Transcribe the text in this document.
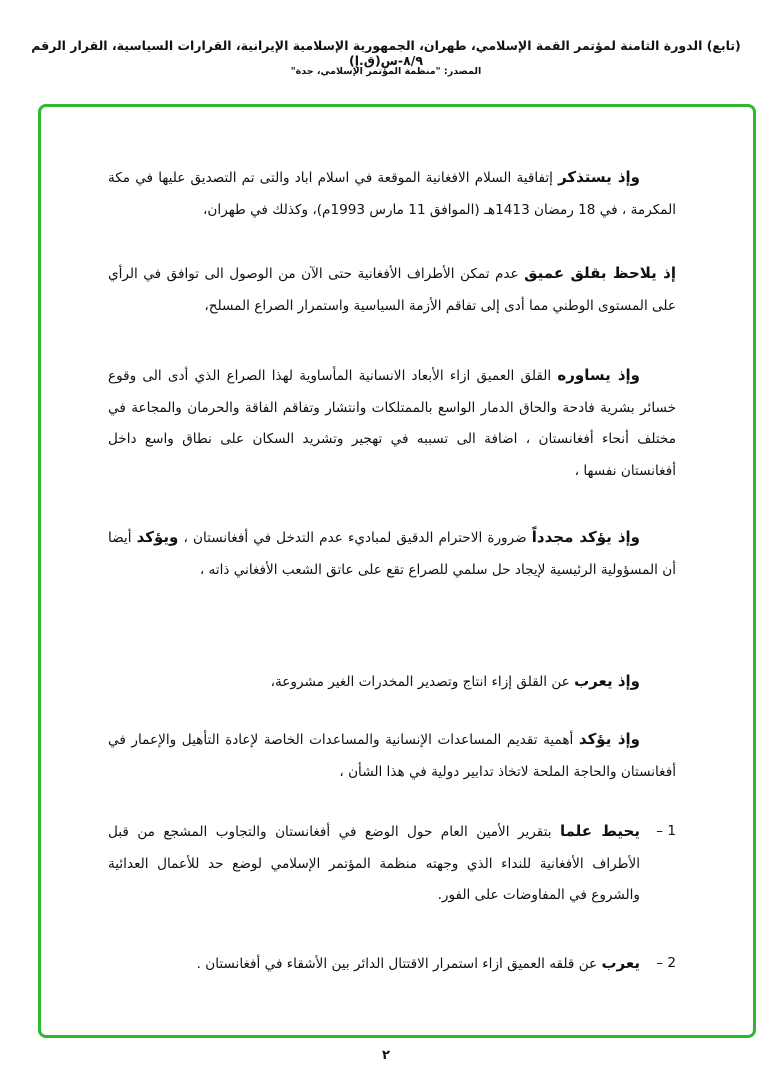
(تابع) الدورة الثامنة لمؤتمر القمة الإسلامي، طهران، الجمهورية الإسلامية الإيرانية، القرارات السياسية، القرار الرقم ٨/٩-س(ق.إ)
المصدر: "منظمة المؤتمر الإسلامي، جدة"

وإذ يستذكر إتفاقية السلام الافغانية الموقعة في اسلام اباد والتى تم التصديق عليها في مكة المكرمة ، في 18 رمضان 1413هـ (الموافق 11 مارس 1993م)، وكذلك في طهران،

إذ يلاحظ بقلق عميق عدم تمكن الأطراف الأفغانية حتى الآن من الوصول الى توافق في الرأي على المستوى الوطني مما أدى إلى تفاقم الأزمة السياسية واستمرار الصراع المسلح،

وإذ يساوره القلق العميق ازاء الأبعاد الانسانية المأساوية لهذا الصراع الذي أدى الى وقوع خسائر بشرية فادحة والحاق الدمار الواسع بالممتلكات وانتشار وتفاقم الفاقة والحرمان والمجاعة في مختلف أنحاء أفغانستان ، اضافة الى تسببه في تهجير وتشريد السكان على نطاق واسع داخل أفغانستان نفسها ،

وإذ يؤكد مجدداً ضرورة الاحترام الدقيق لمباديء عدم التدخل في أفغانستان ، ويؤكد أيضا أن المسؤولية الرئيسية لإيجاد حل سلمي للصراع تقع على عاتق الشعب الأفغاني ذاته ،

وإذ يعرب عن القلق إزاء انتاج وتصدير المخدرات الغير مشروعة،

وإذ يؤكد أهمية تقديم المساعدات الإنسانية والمساعدات الخاصة لإعادة التأهيل والإعمار في أفغانستان والحاجة الملحة لاتخاذ تدابير دولية في هذا الشأن ،

1 –
يحيط علما بتقرير الأمين العام حول الوضع في أفغانستان والتجاوب المشجع من قبل الأطراف الأفغانية للنداء الذي وجهته منظمة المؤتمر الإسلامي لوضع حد للأعمال العدائية والشروع في المفاوضات على الفور.
2 –
يعرب عن قلقه العميق ازاء استمرار الاقتتال الدائر بين الأشقاء في أفغانستان .
٢
